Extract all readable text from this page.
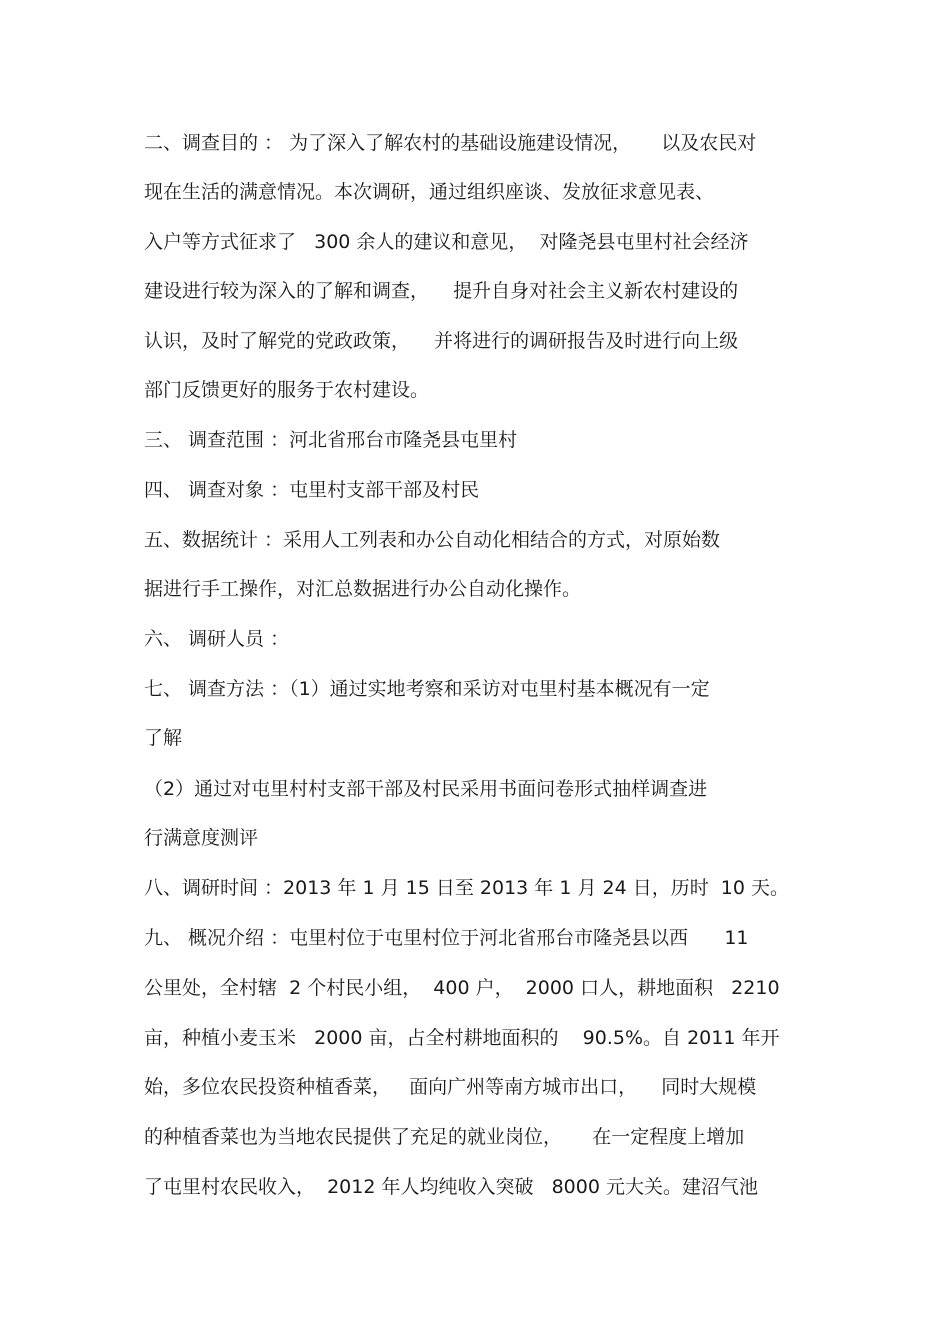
二、调查目的 ： 为了深入了解农村的基础设施建设情况，     以及农民对
现在生活的满意情况。本次调研，通过组织座谈、发放征求意见表、
入户等方式征求了   300 余人的建议和意见，  对隆尧县屯里村社会经济
建设进行较为深入的了解和调查，    提升自身对社会主义新农村建设的
认识，及时了解党的党政政策，    并将进行的调研报告及时进行向上级
部门反馈更好的服务于农村建设。
三、 调查范围 ：河北省邢台市隆尧县屯里村
四、 调查对象 ：屯里村支部干部及村民
五、数据统计 ：采用人工列表和办公自动化相结合的方式，对原始数
据进行手工操作，对汇总数据进行办公自动化操作。
六、 调研人员 ：
七、 调查方法 ：（1）通过实地考察和采访对屯里村基本概况有一定
了解
（2）通过对屯里村村支部干部及村民采用书面问卷形式抽样调查进
行满意度测评
八、调研时间 ：2013 年 1 月 15 日至 2013 年 1 月 24 日，历时  10 天。
九、 概况介绍 ：屯里村位于屯里村位于河北省邢台市隆尧县以西      11
公里处，全村辖  2 个村民小组，  400 户，  2000 口人，耕地面积   2210
亩，种植小麦玉米   2000 亩，占全村耕地面积的    90.5%。自 2011 年开
始，多位农民投资种植香菜，   面向广州等南方城市出口，    同时大规模
的种植香菜也为当地农民提供了充足的就业岗位，     在一定程度上增加
了屯里村农民收入，  2012 年人均纯收入突破   8000 元大关。建沼气池
